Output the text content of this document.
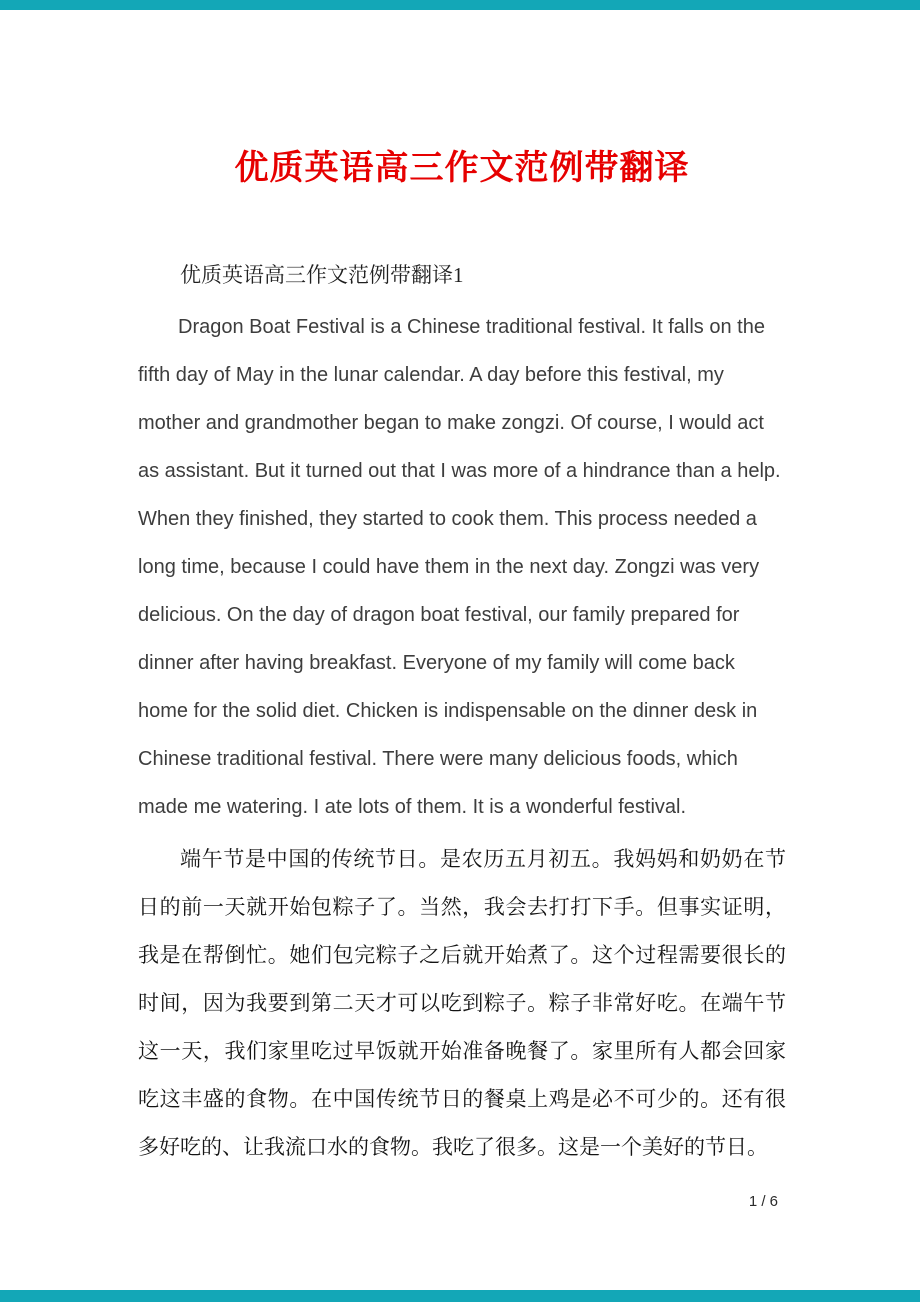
优质英语高三作文范例带翻译

优质英语高三作文范例带翻译1

Dragon Boat Festival is a Chinese traditional festival. It falls on the fifth day of May in the lunar calendar. A day before this festival, my mother and grandmother began to make zongzi. Of course, I would act as assistant. But it turned out that I was more of a hindrance than a help. When they finished, they started to cook them. This process needed a long time, because I could have them in the next day. Zongzi was very delicious. On the day of dragon boat festival, our family prepared for dinner after having breakfast. Everyone of my family will come back home for the solid diet. Chicken is indispensable on the dinner desk in Chinese traditional festival. There were many delicious foods, which made me watering. I ate lots of them. It is a wonderful festival.

端午节是中国的传统节日。是农历五月初五。我妈妈和奶奶在节日的前一天就开始包粽子了。当然，我会去打打下手。但事实证明，我是在帮倒忙。她们包完粽子之后就开始煮了。这个过程需要很长的时间，因为我要到第二天才可以吃到粽子。粽子非常好吃。在端午节这一天，我们家里吃过早饭就开始准备晚餐了。家里所有人都会回家吃这丰盛的食物。在中国传统节日的餐桌上鸡是必不可少的。还有很多好吃的、让我流口水的食物。我吃了很多。这是一个美好的节日。

1 / 6
